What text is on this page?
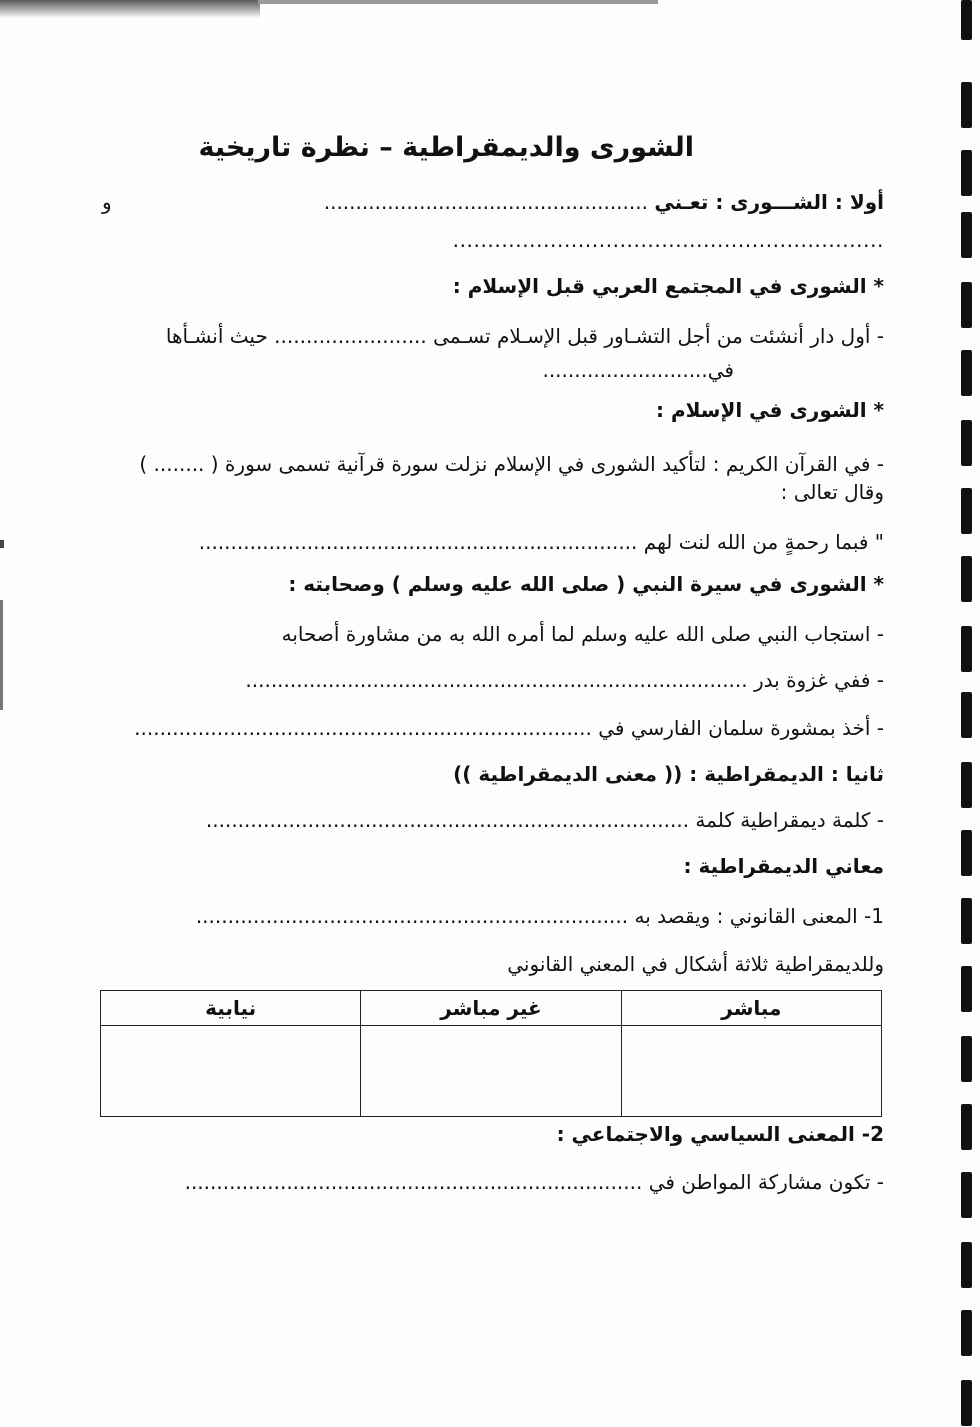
الشورى والديمقراطية – نظرة تاريخية
أولا : الشـــورى : تعـني ...................................................
و
..............................................................
* الشورى في المجتمع العربي قبل الإسلام :
- أول دار أنشئت من أجل التشـاور قبل الإسـلام تسـمى ........................ حيث أنشـأها
في..........................
* الشورى في الإسلام :
- في القرآن الكريم : لتأكيد الشورى في الإسلام نزلت سورة قرآنية تسمى سورة ( ........ )
وقال تعالى :
" فبما رحمةٍ من الله لنت لهم .....................................................................
* الشورى في سيرة النبي ( صلى الله عليه وسلم ) وصحابته :
- استجاب النبي صلى الله عليه وسلم لما أمره الله به من مشاورة أصحابه
- ففي غزوة بدر ...............................................................................
- أخذ بمشورة سلمان الفارسي في ........................................................................
ثانيا : الديمقراطية : (( معنى الديمقراطية ))
- كلمة ديمقراطية كلمة ............................................................................
معاني الديمقراطية :
1- المعنى القانوني : ويقصد به ....................................................................
وللديمقراطية ثلاثة أشكال في المعني القانوني
مباشر	غير مباشر	نيابية

2- المعنى السياسي والاجتماعي :
- تكون مشاركة المواطن في ........................................................................
